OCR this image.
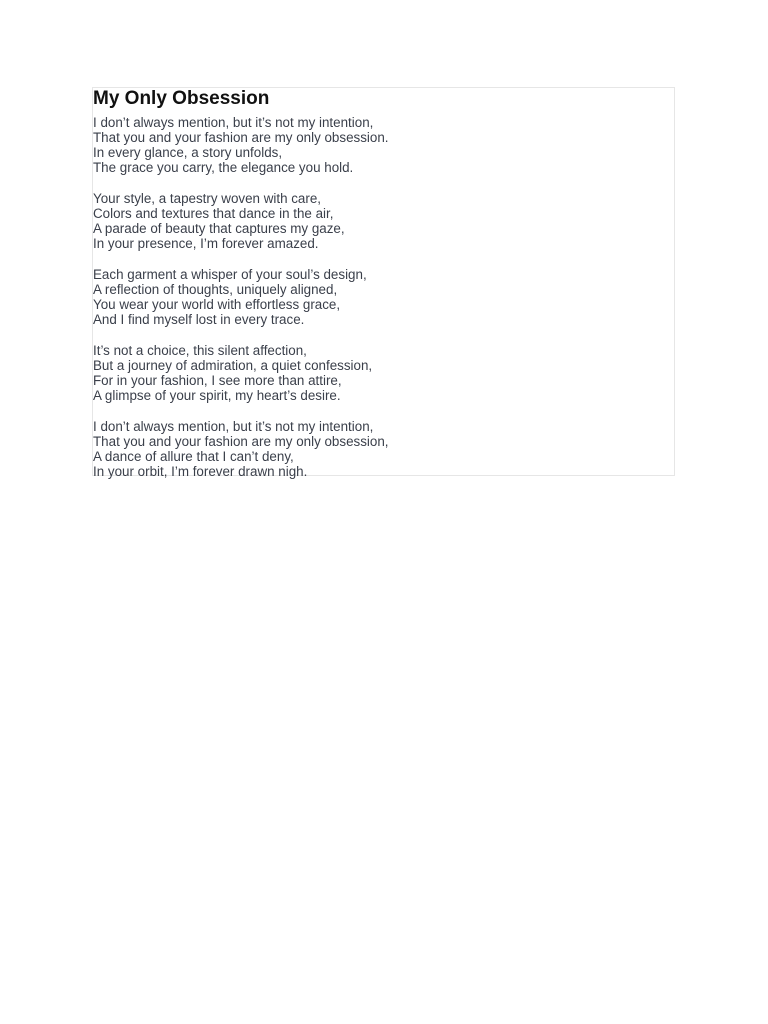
My Only Obsession

I don’t always mention, but it’s not my intention,
That you and your fashion are my only obsession.
In every glance, a story unfolds,
The grace you carry, the elegance you hold.

Your style, a tapestry woven with care,
Colors and textures that dance in the air,
A parade of beauty that captures my gaze,
In your presence, I’m forever amazed.

Each garment a whisper of your soul’s design,
A reflection of thoughts, uniquely aligned,
You wear your world with effortless grace,
And I find myself lost in every trace.

It’s not a choice, this silent affection,
But a journey of admiration, a quiet confession,
For in your fashion, I see more than attire,
A glimpse of your spirit, my heart’s desire.

I don’t always mention, but it’s not my intention,
That you and your fashion are my only obsession,
A dance of allure that I can’t deny,
In your orbit, I’m forever drawn nigh.
